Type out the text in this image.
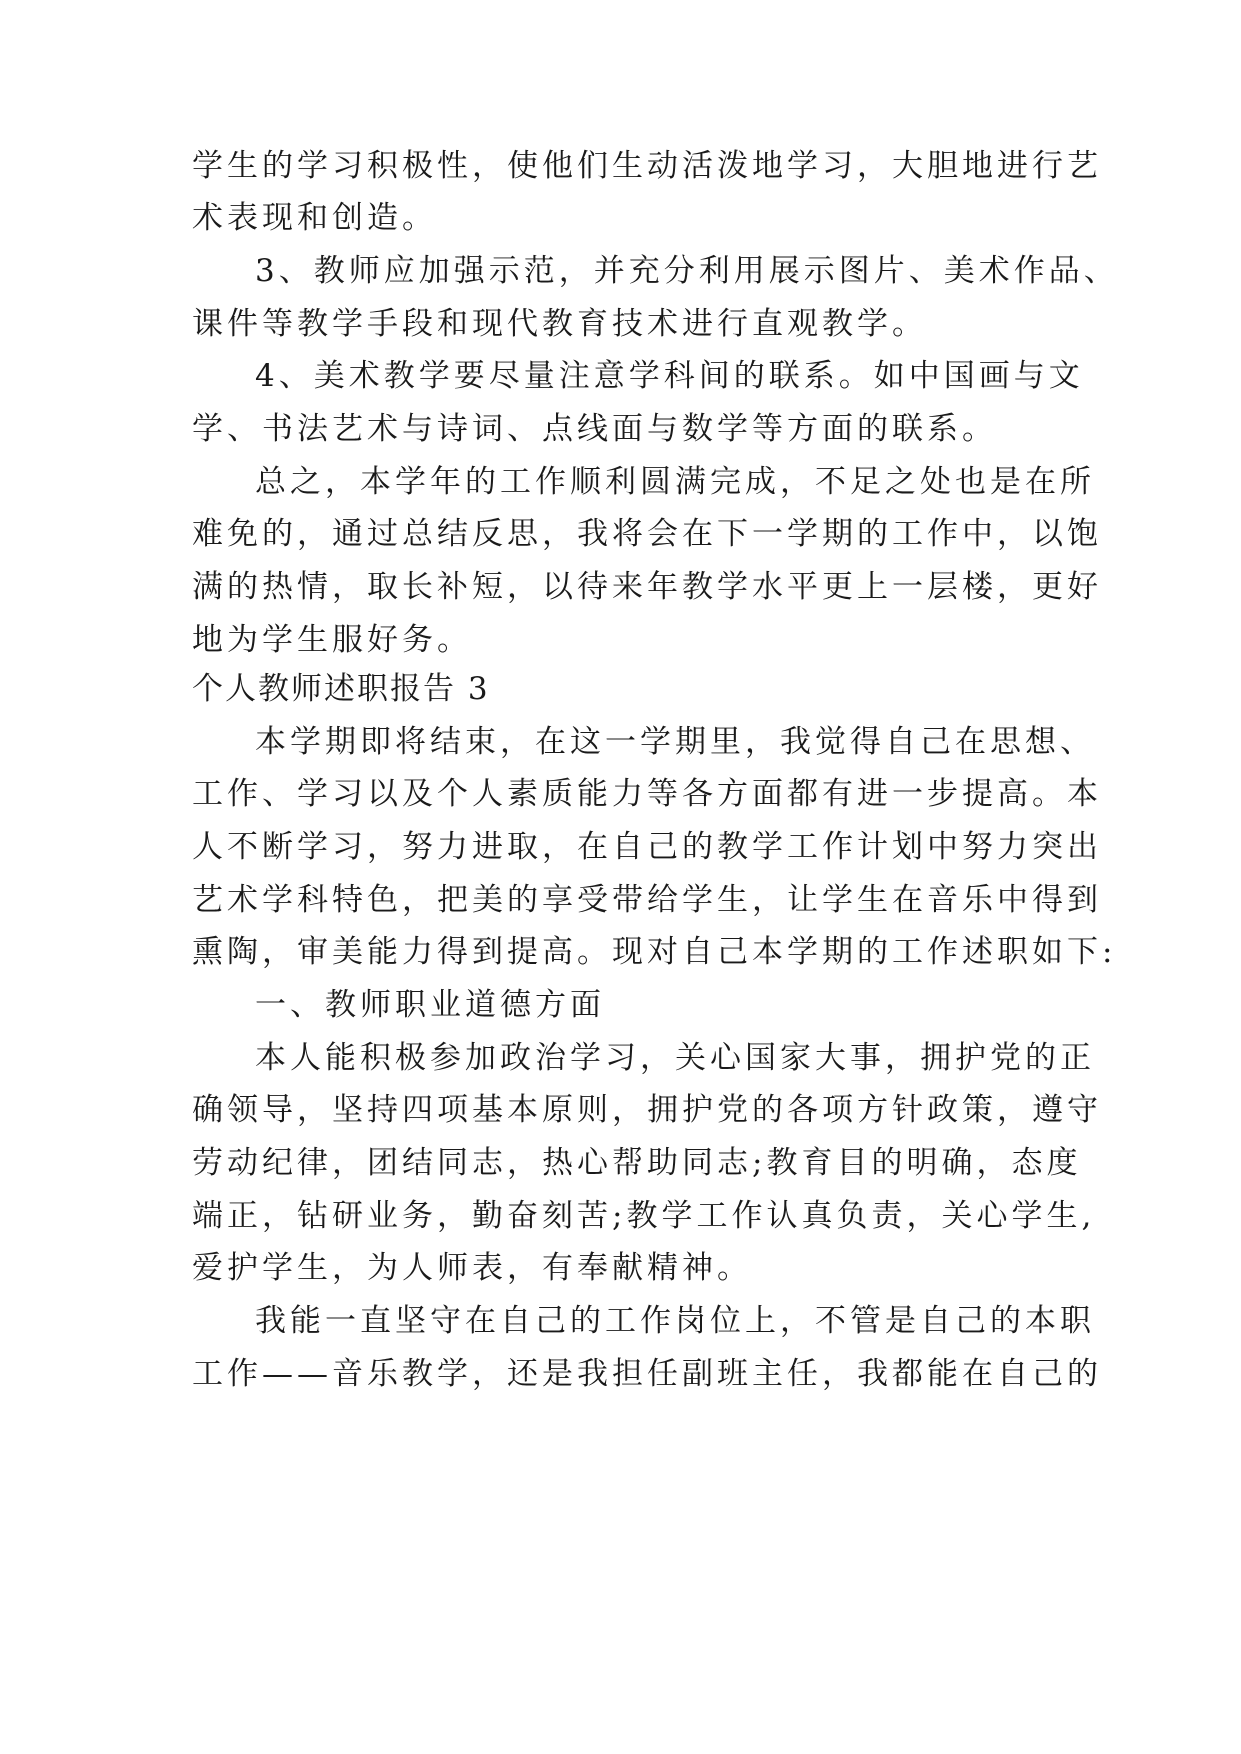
学生的学习积极性，使他们生动活泼地学习，大胆地进行艺
术表现和创造。
3、教师应加强示范，并充分利用展示图片、美术作品、
课件等教学手段和现代教育技术进行直观教学。
4、美术教学要尽量注意学科间的联系。如中国画与文
学、书法艺术与诗词、点线面与数学等方面的联系。
总之，本学年的工作顺利圆满完成，不足之处也是在所
难免的，通过总结反思，我将会在下一学期的工作中，以饱
满的热情，取长补短，以待来年教学水平更上一层楼，更好
地为学生服好务。
个人教师述职报告 3
本学期即将结束，在这一学期里，我觉得自己在思想、
工作、学习以及个人素质能力等各方面都有进一步提高。本
人不断学习，努力进取，在自己的教学工作计划中努力突出
艺术学科特色，把美的享受带给学生，让学生在音乐中得到
熏陶，审美能力得到提高。现对自己本学期的工作述职如下:
一、教师职业道德方面
本人能积极参加政治学习，关心国家大事，拥护党的正
确领导，坚持四项基本原则，拥护党的各项方针政策，遵守
劳动纪律，团结同志，热心帮助同志;教育目的明确，态度
端正，钻研业务，勤奋刻苦;教学工作认真负责，关心学生,
爱护学生，为人师表，有奉献精神。
我能一直坚守在自己的工作岗位上，不管是自己的本职
工作——音乐教学，还是我担任副班主任，我都能在自己的
